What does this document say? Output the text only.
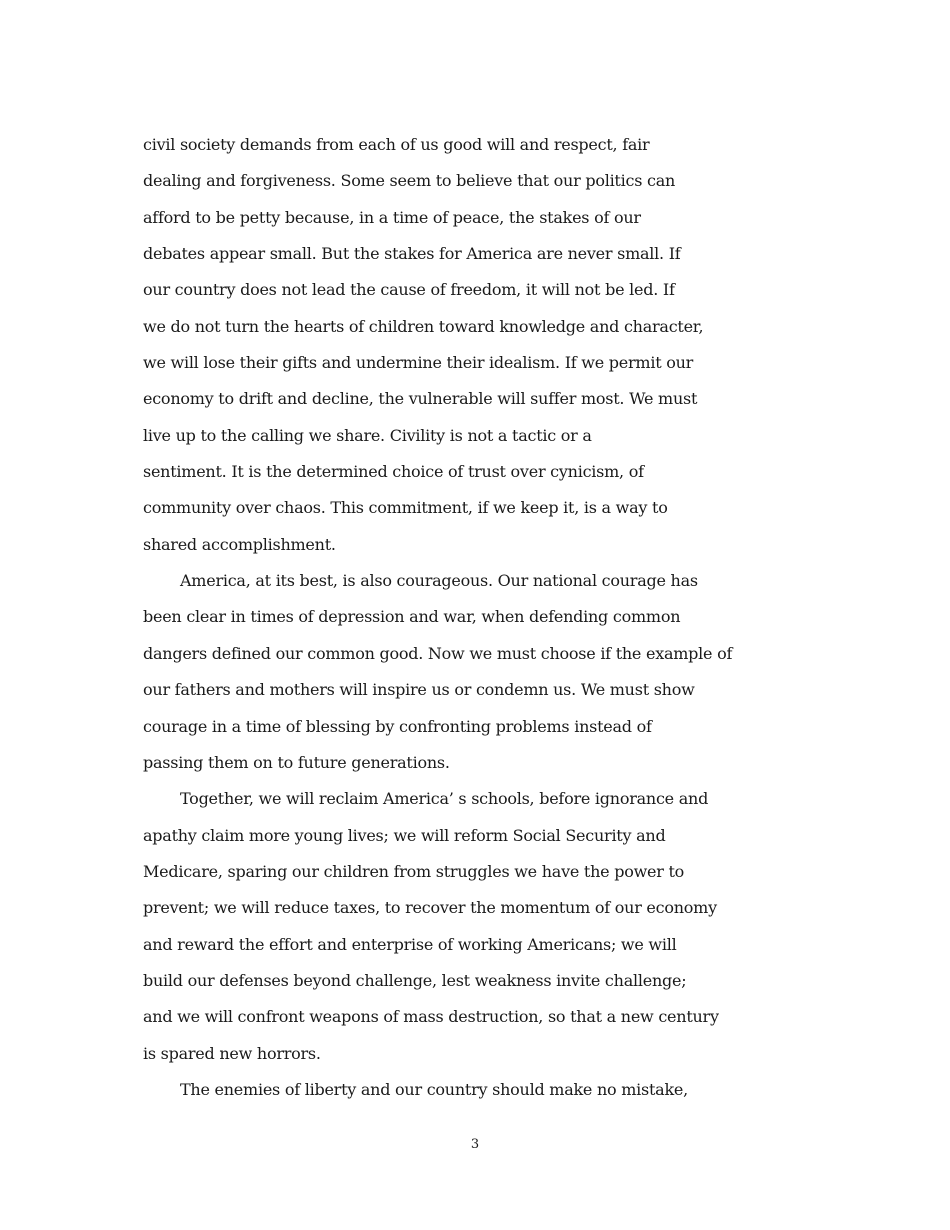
civil society demands from each of us good will and respect, fair
dealing and forgiveness. Some seem to believe that our politics can
afford to be petty because, in a time of peace, the stakes of our
debates appear small. But the stakes for America are never small. If
our country does not lead the cause of freedom, it will not be led. If
we do not turn the hearts of children toward knowledge and character,
we will lose their gifts and undermine their idealism. If we permit our
economy to drift and decline, the vulnerable will suffer most. We must
live up to the calling we share. Civility is not a tactic or a
sentiment. It is the determined choice of trust over cynicism, of
community over chaos. This commitment, if we keep it, is a way to
shared accomplishment.
America, at its best, is also courageous. Our national courage has
been clear in times of depression and war, when defending common
dangers defined our common good. Now we must choose if the example of
our fathers and mothers will inspire us or condemn us. We must show
courage in a time of blessing by confronting problems instead of
passing them on to future generations.
Together, we will reclaim America’ s schools, before ignorance and
apathy claim more young lives; we will reform Social Security and
Medicare, sparing our children from struggles we have the power to
prevent; we will reduce taxes, to recover the momentum of our economy
and reward the effort and enterprise of working Americans; we will
build our defenses beyond challenge, lest weakness invite challenge;
and we will confront weapons of mass destruction, so that a new century
is spared new horrors.
The enemies of liberty and our country should make no mistake,
3
